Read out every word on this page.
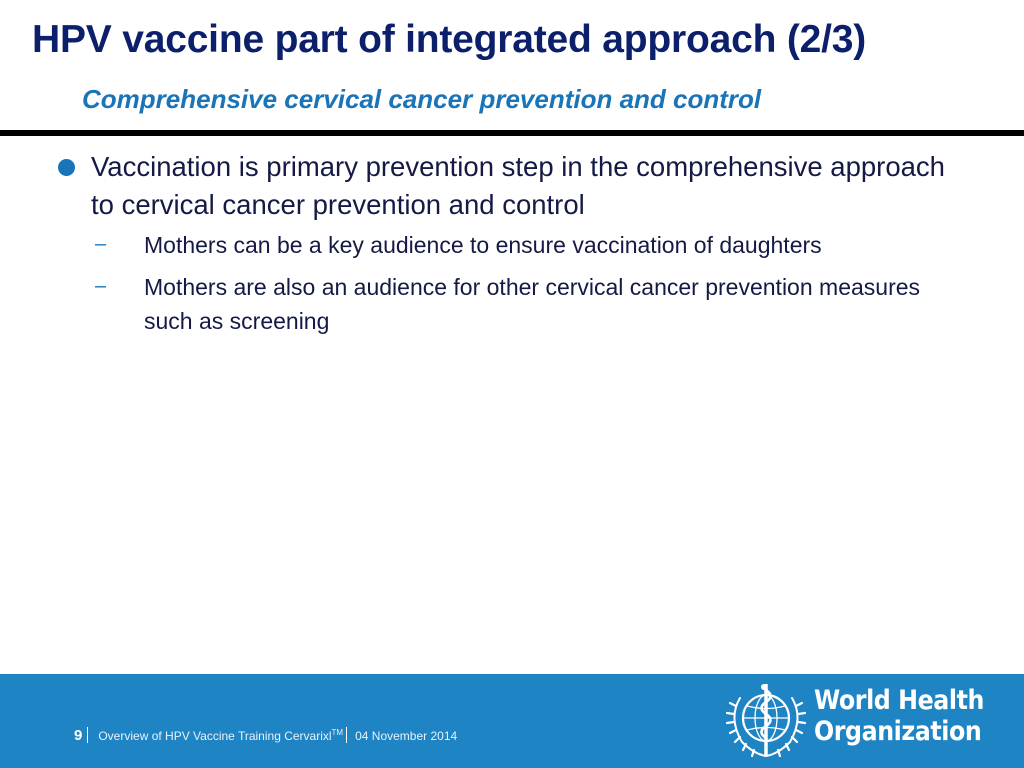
HPV vaccine part of integrated approach (2/3)
Comprehensive cervical cancer prevention and control
Vaccination is primary prevention step in the comprehensive approach to cervical cancer prevention and control
– Mothers can be a key audience to ensure vaccination of daughters
– Mothers are also an audience for other cervical cancer prevention measures such as screening
9 Overview of HPV Vaccine Training Cervarixl™ 04 November 2014
World Health
Organization
